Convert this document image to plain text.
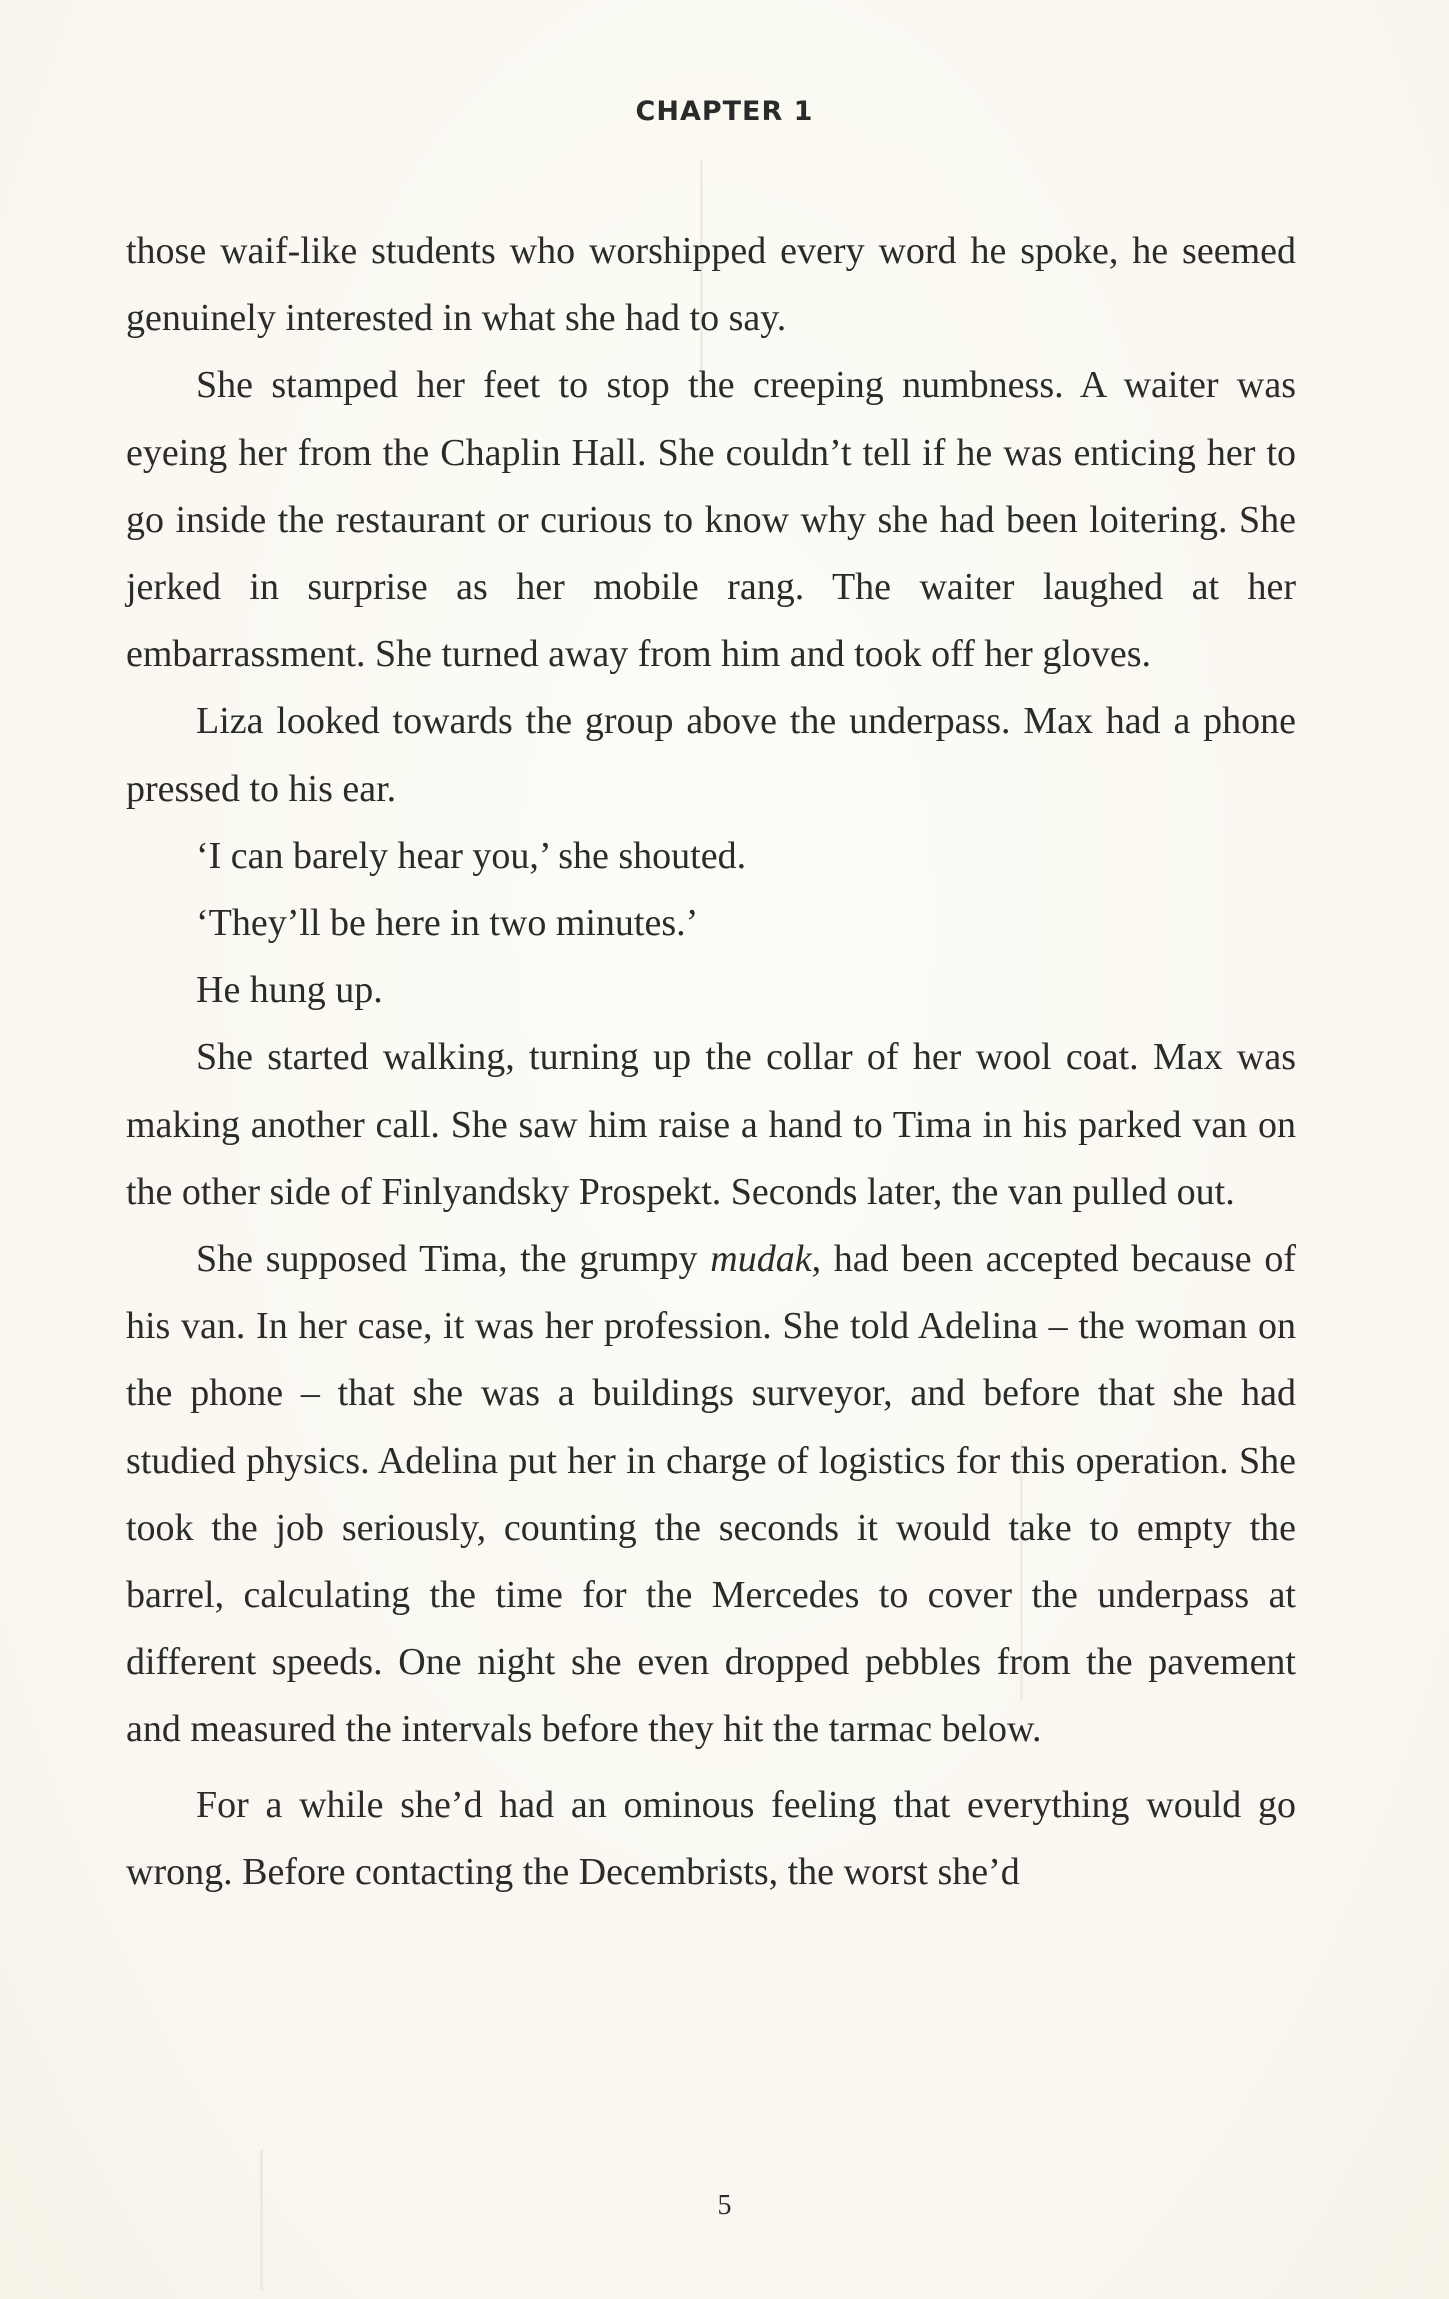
CHAPTER 1

those waif-like students who worshipped every word he spoke, he seemed genuinely interested in what she had to say.

She stamped her feet to stop the creeping numbness. A waiter was eyeing her from the Chaplin Hall. She couldn’t tell if he was enticing her to go inside the restaurant or curious to know why she had been loitering. She jerked in surprise as her mobile rang. The waiter laughed at her embarrassment. She turned away from him and took off her gloves.

Liza looked towards the group above the underpass. Max had a phone pressed to his ear.

‘I can barely hear you,’ she shouted.

‘They’ll be here in two minutes.’

He hung up.

She started walking, turning up the collar of her wool coat. Max was making another call. She saw him raise a hand to Tima in his parked van on the other side of Finlyandsky Prospekt. Seconds later, the van pulled out.

She supposed Tima, the grumpy mudak, had been accepted because of his van. In her case, it was her profession. She told Adelina – the woman on the phone – that she was a buildings surveyor, and before that she had studied physics. Adelina put her in charge of logistics for this operation. She took the job seriously, counting the seconds it would take to empty the barrel, calculating the time for the Mercedes to cover the underpass at different speeds. One night she even dropped pebbles from the pavement and measured the intervals before they hit the tarmac below.

For a while she’d had an ominous feeling that everything would go wrong. Before contacting the Decembrists, the worst she’d

5
